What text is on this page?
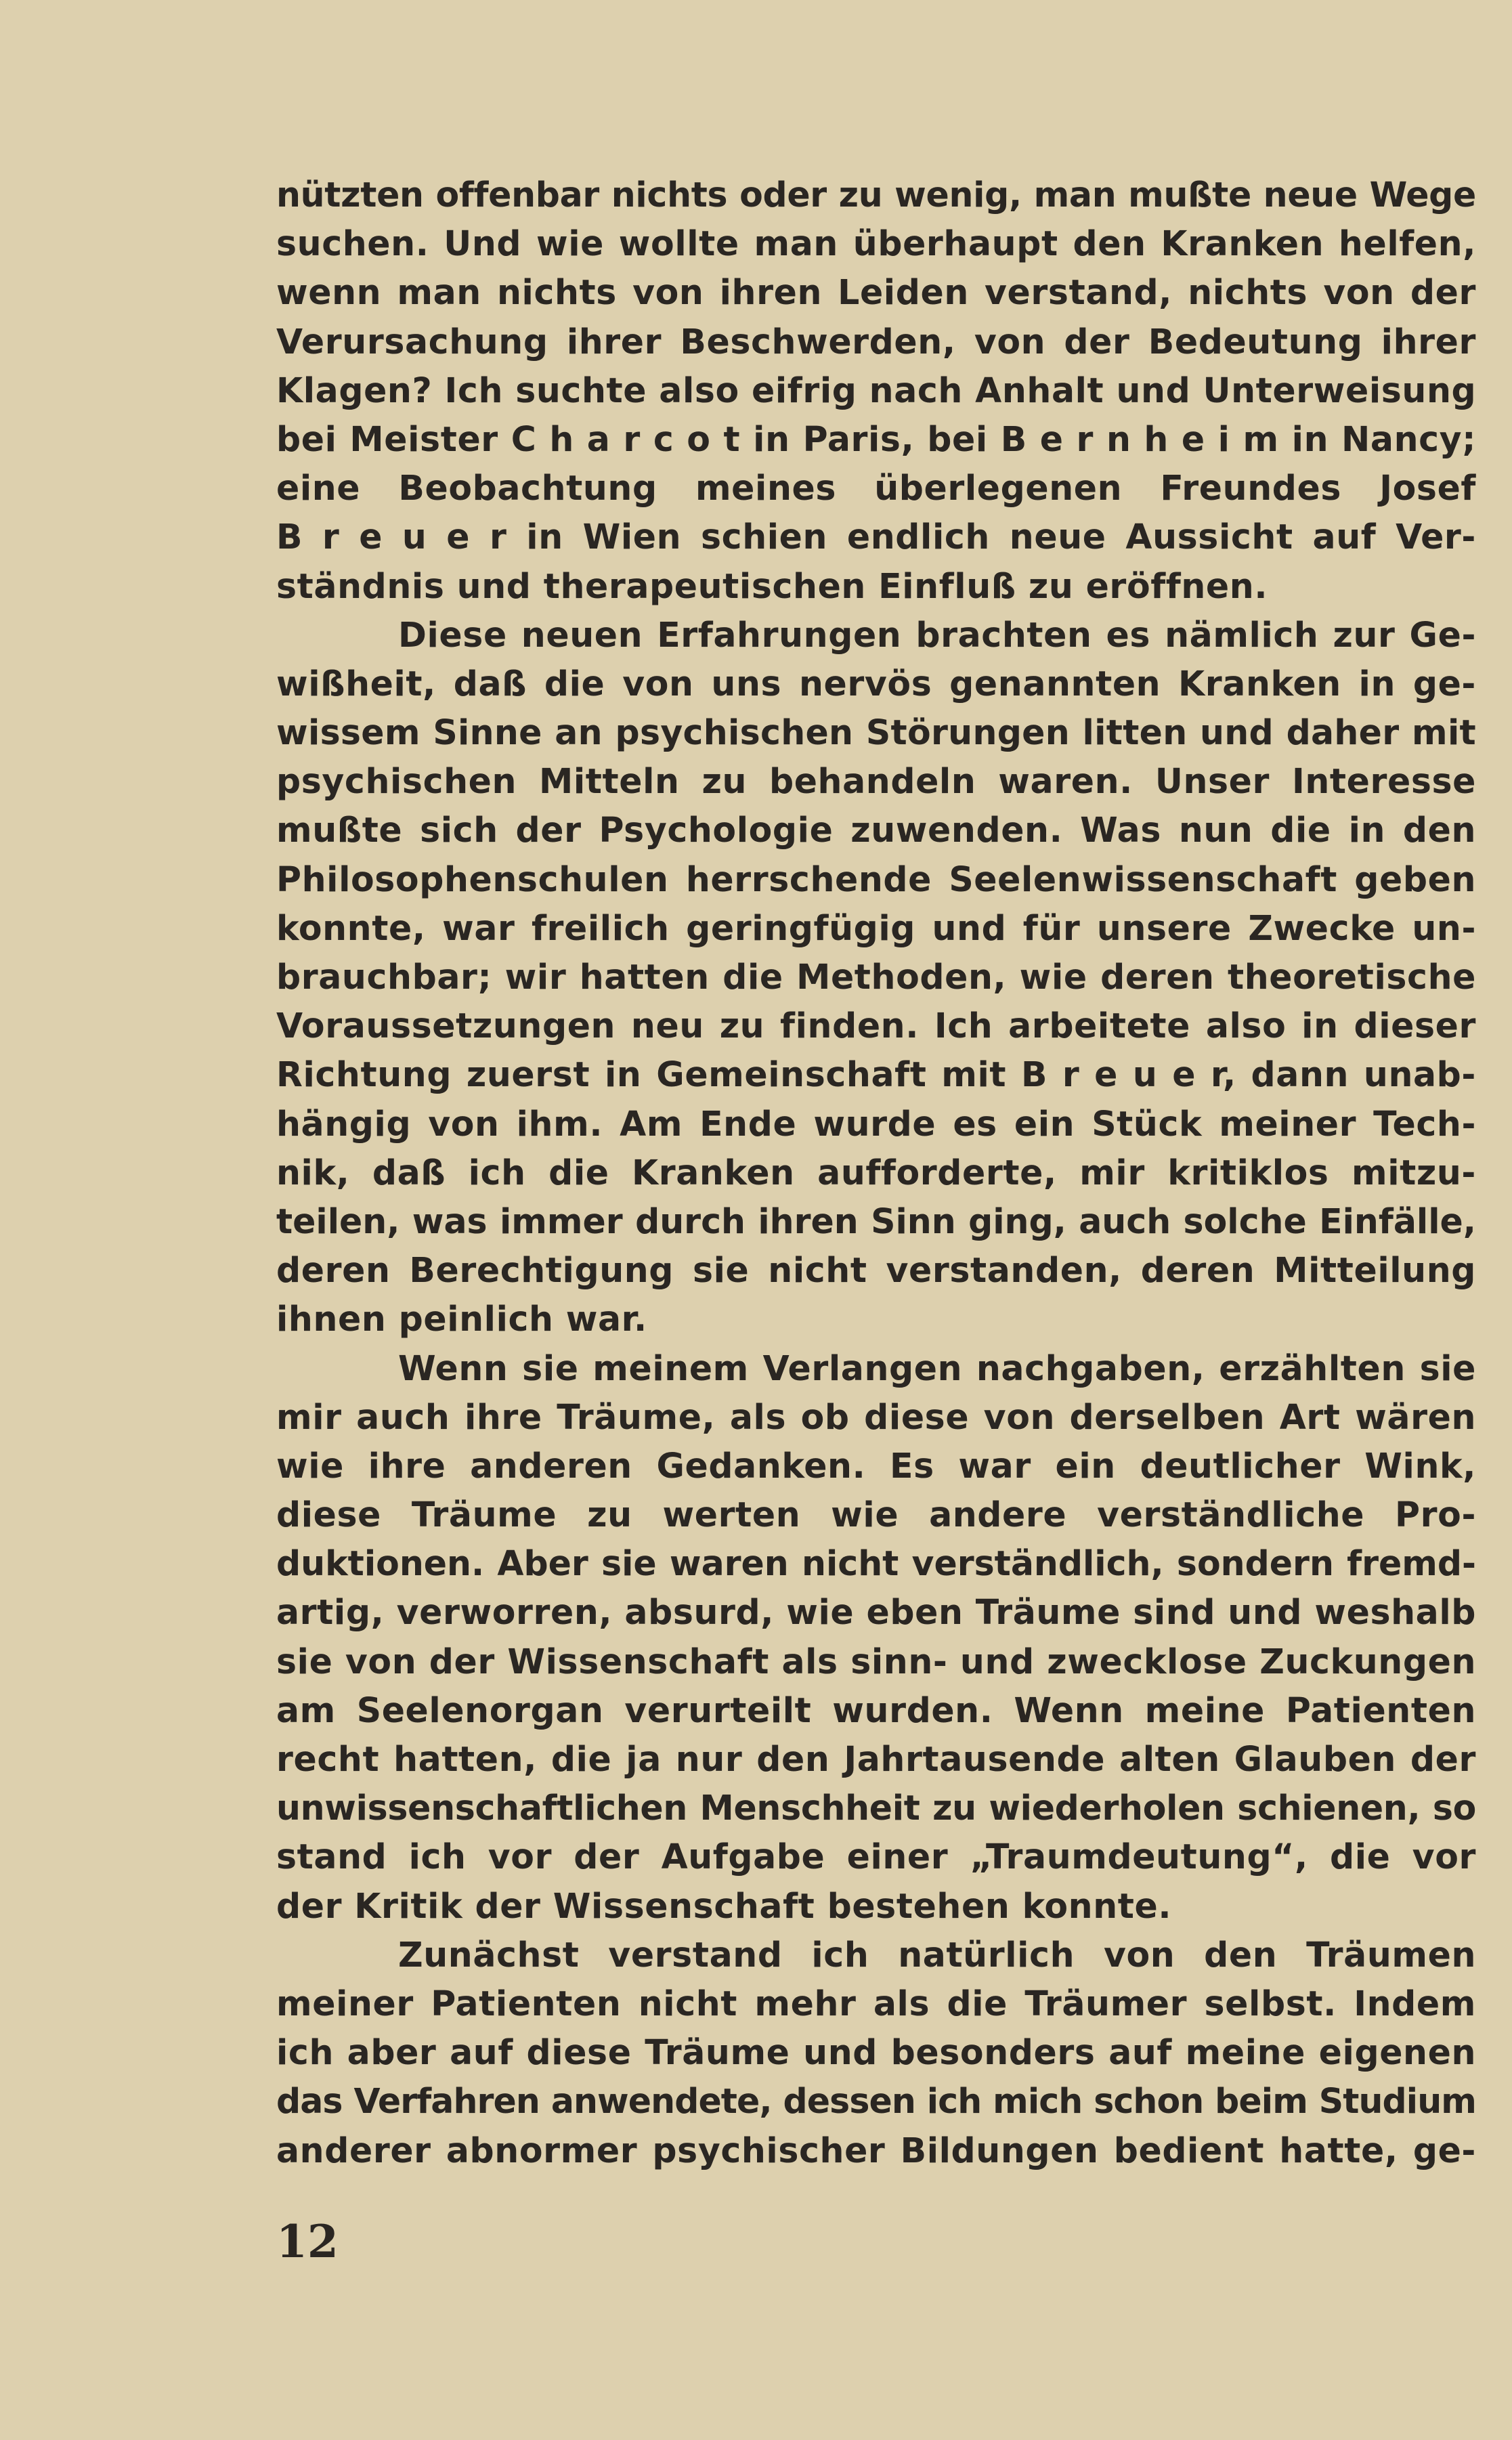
nützten offenbar nichts oder zu wenig, man mußte neue Wege
suchen. Und wie wollte man überhaupt den Kranken helfen,
wenn man nichts von ihren Leiden verstand, nichts von der
Verursachung ihrer Beschwerden, von der Bedeutung ihrer
Klagen? Ich suchte also eifrig nach Anhalt und Unterweisung
bei Meister C h a r c o t in Paris, bei B e r n h e i m in Nancy;
eine Beobachtung meines überlegenen Freundes Josef
B r e u e r in Wien schien endlich neue Aussicht auf Ver-
ständnis und therapeutischen Einfluß zu eröffnen.
Diese neuen Erfahrungen brachten es nämlich zur Ge-
wißheit, daß die von uns nervös genannten Kranken in ge-
wissem Sinne an psychischen Störungen litten und daher mit
psychischen Mitteln zu behandeln waren. Unser Interesse
mußte sich der Psychologie zuwenden. Was nun die in den
Philosophenschulen herrschende Seelenwissenschaft geben
konnte, war freilich geringfügig und für unsere Zwecke un-
brauchbar; wir hatten die Methoden, wie deren theoretische
Voraussetzungen neu zu finden. Ich arbeitete also in dieser
Richtung zuerst in Gemeinschaft mit B r e u e r, dann unab-
hängig von ihm. Am Ende wurde es ein Stück meiner Tech-
nik, daß ich die Kranken aufforderte, mir kritiklos mitzu-
teilen, was immer durch ihren Sinn ging, auch solche Einfälle,
deren Berechtigung sie nicht verstanden, deren Mitteilung
ihnen peinlich war.
Wenn sie meinem Verlangen nachgaben, erzählten sie
mir auch ihre Träume, als ob diese von derselben Art wären
wie ihre anderen Gedanken. Es war ein deutlicher Wink,
diese Träume zu werten wie andere verständliche Pro-
duktionen. Aber sie waren nicht verständlich, sondern fremd-
artig, verworren, absurd, wie eben Träume sind und weshalb
sie von der Wissenschaft als sinn- und zwecklose Zuckungen
am Seelenorgan verurteilt wurden. Wenn meine Patienten
recht hatten, die ja nur den Jahrtausende alten Glauben der
unwissenschaftlichen Menschheit zu wiederholen schienen, so
stand ich vor der Aufgabe einer „Traumdeutung“, die vor
der Kritik der Wissenschaft bestehen konnte.
Zunächst verstand ich natürlich von den Träumen
meiner Patienten nicht mehr als die Träumer selbst. Indem
ich aber auf diese Träume und besonders auf meine eigenen
das Verfahren anwendete, dessen ich mich schon beim Studium
anderer abnormer psychischer Bildungen bedient hatte, ge-
12
